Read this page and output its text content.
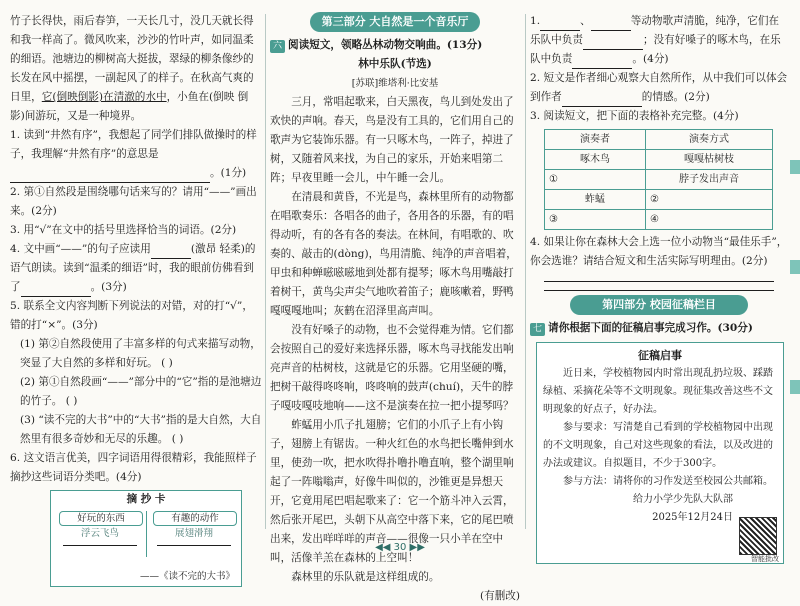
竹子长得快，雨后春笋，一天长几寸，没几天就长得和我一样高了。微风吹来，沙沙的竹叶声，如同温柔的细语。池塘边的柳树高大挺拔，翠绿的柳条像纱的长发在风中摇摆，一副起风了的样子。在秋高气爽的日里，它(倒映倒影)在清澈的水中，小鱼在(倒映 倒影)间游玩，又是一种境界。

1. 读到“井然有序”，我想起了同学们排队做操时的样子，我理解“井然有序”的意思是

。(1分)

2. 第①自然段是围绕哪句话来写的？请用“——”画出来。(2分)

3. 用“√”在文中的括号里选择恰当的词语。(2分)

4. 文中画“——”的句子应读用	(激昂 轻柔)的语气朗读。读到“温柔的细语”时，我的眼前仿佛看到了	。(3分)

5. 联系全文内容判断下列说法的对错，对的打“√”，错的打“×”。(3分)

(1) 第②自然段使用了丰富多样的句式来描写动物，突显了大自然的多样和好玩。 ( )

(2) 第①自然段画“——”部分中的“它”指的是池塘边的竹子。 ( )

(3) “读不完的大书”中的“大书”指的是大自然，大自然里有很多奇妙和无尽的乐趣。 ( )

6. 这文语言优美，四字词语用得很精彩，我能照样子摘抄这些词语分类吧。(4分)

摘 抄 卡
好玩的东西	有趣的动作
浮云飞鸟	展翅滑翔
——《读不完的大书》
第三部分 大自然是一个音乐厅

六 阅读短文，领略丛林动物交响曲。(13分)

林中乐队(节选)

[苏联]维塔利·比安基

三月，常唱起歌来，白天黑夜，鸟儿到处发出了欢快的声响。春天，鸟是没有工具的，它们用自己的歌声为它装饰乐器。有一只啄木鸟，一阵子，掉进了树，又随着风来找，为自己的家乐，开始来唱第二阵；早夜里睡一会儿，中午睡一会儿。

在清晨和黄昏，不光是鸟，森林里所有的动物都在唱歌奏乐：各唱各的曲子，各用各的乐器，有的唱得动听，有的各有各的奏法。在林间，有唱歌的、吹奏的、敲击的(dòng)，鸟用清脆、纯净的声音唱着，甲虫和种蝉嗞嗞嗞地到处都有提琴；啄木鸟用嘴敲打着树干，黄鸟尖声尖气地吹着笛子；鹿咳嗽着，野鸭嘎嘎嘎地叫；灰鹤在沼泽里高声叫。

没有好嗓子的动物，也不会觉得难为情。它们都会按照自己的爱好来选择乐器，啄木鸟寻找能发出响亮声音的枯树枝，这就是它的乐器。它用坚硬的嘴，把树干敲得咚咚响，咚咚响的鼓声(chuí)，天牛的脖子嘎吱嘎吱地响——这不是演奏在拉一把小提琴吗？

蚱蜢用小爪子扎翅膀；它们的小爪子上有小钩子，翅膀上有锯齿。一种火红色的水鸟把长嘴伸到水里，使劲一吹，把水吹得扑噜扑噜直响，整个湖里响起了一阵嗡嗡声，好像牛叫似的，沙锥更是异想天开，它竟用尾巴唱起歌来了：它一个筋斗冲入云霄，然后张开尾巴，头朝下从高空中落下来，它的尾巴喷出来，发出咩咩咩的声音——很像一只小羊在空中叫，活像羊羔在森林的上空叫！

森林里的乐队就是这样组成的。

(有删改)

1.	、	等动物歌声清脆，纯净，它们在乐队中负责	；没有好嗓子的啄木鸟，在乐队中负责	。(4分)

2. 短文是作者细心观察大自然所作，从中我们可以体会到作者	的情感。(2分)

3. 阅读短文，把下面的表格补充完整。(4分)

演奏者	演奏方式
啄木鸟	嘎嘎枯树枝
①	脖子发出声音
蚱蜢	②
③	④

4. 如果让你在森林大会上选一位小动物当“最佳乐手”，你会选谁？请结合短文和生活实际写明理由。(2分)

第四部分 校园征稿栏目

七 请你根据下面的征稿启事完成习作。(30分)

征稿启事

近日来，学校植物园内时常出现乱扔垃圾、踩踏绿植、采摘花朵等不文明现象。现征集改善这些不文明现象的好点子，好办法。

参与要求：写清楚自己看到的学校植物园中出现的不文明现象，自己对这些现象的看法，以及改进的办法或建议。自拟题目，不少于300字。

参与方法：请将你的习作发送至校园公共邮箱。

给力小学少先队大队部

2025年12月24日

智能批改
◀◀ 30 ▶▶
